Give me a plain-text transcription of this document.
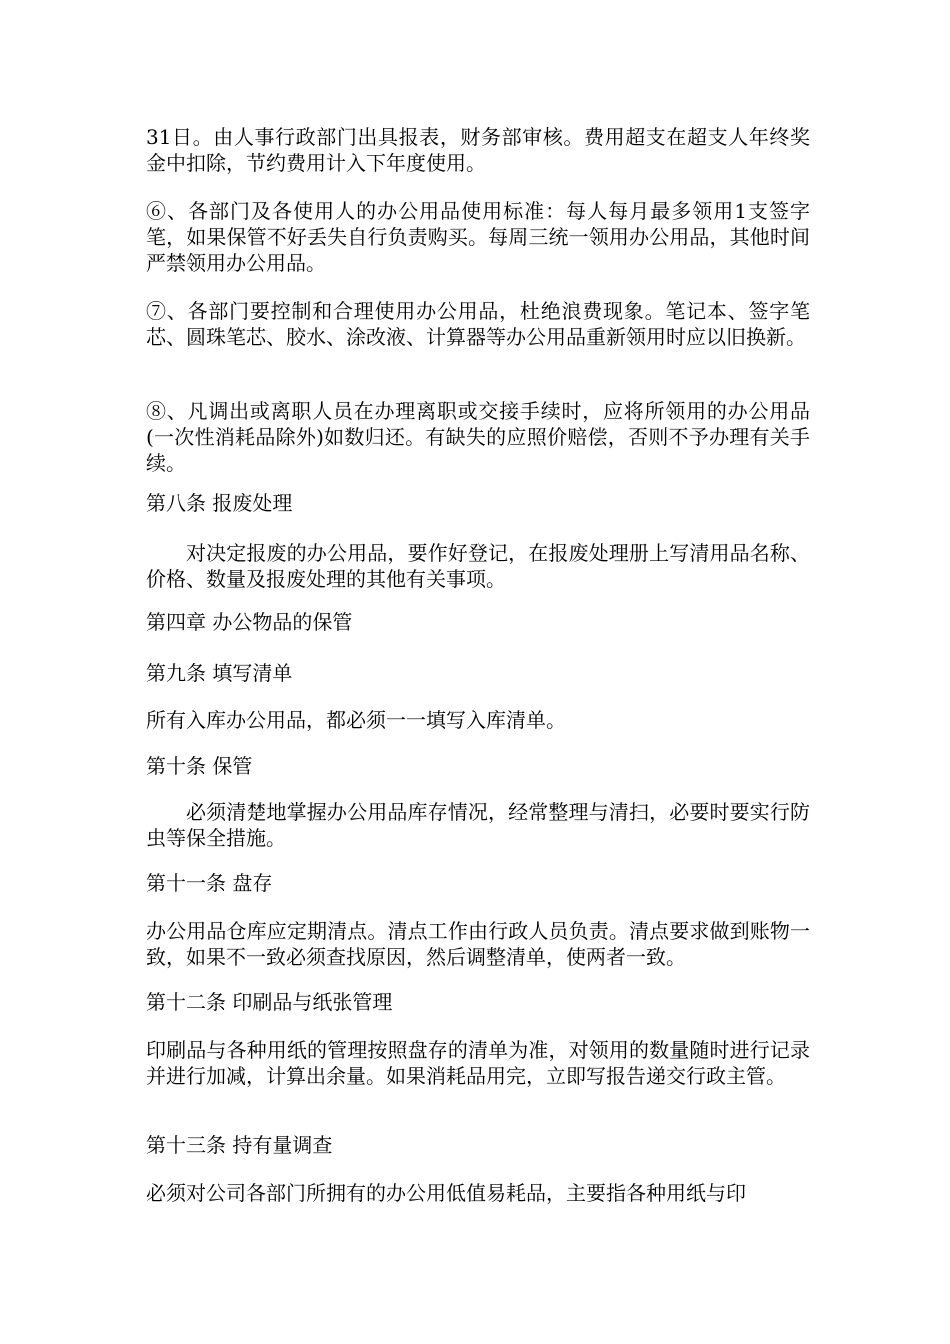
31日。由人事行政部门出具报表，财务部审核。费用超支在超支人年终奖金中扣除，节约费用计入下年度使用。

⑥、各部门及各使用人的办公用品使用标准：每人每月最多领用1支签字笔，如果保管不好丢失自行负责购买。每周三统一领用办公用品，其他时间严禁领用办公用品。

⑦、各部门要控制和合理使用办公用品，杜绝浪费现象。笔记本、签字笔芯、圆珠笔芯、胶水、涂改液、计算器等办公用品重新领用时应以旧换新。

⑧、凡调出或离职人员在办理离职或交接手续时，应将所领用的办公用品(一次性消耗品除外)如数归还。有缺失的应照价赔偿，否则不予办理有关手续。

第八条 报废处理

对决定报废的办公用品，要作好登记，在报废处理册上写清用品名称、价格、数量及报废处理的其他有关事项。

第四章 办公物品的保管

第九条 填写清单

所有入库办公用品，都必须一一填写入库清单。

第十条 保管

必须清楚地掌握办公用品库存情况，经常整理与清扫，必要时要实行防虫等保全措施。

第十一条 盘存

办公用品仓库应定期清点。清点工作由行政人员负责。清点要求做到账物一致，如果不一致必须查找原因，然后调整清单，使两者一致。

第十二条 印刷品与纸张管理

印刷品与各种用纸的管理按照盘存的清单为准，对领用的数量随时进行记录并进行加减，计算出余量。如果消耗品用完，立即写报告递交行政主管。

第十三条 持有量调查

必须对公司各部门所拥有的办公用低值易耗品，主要指各种用纸与印
